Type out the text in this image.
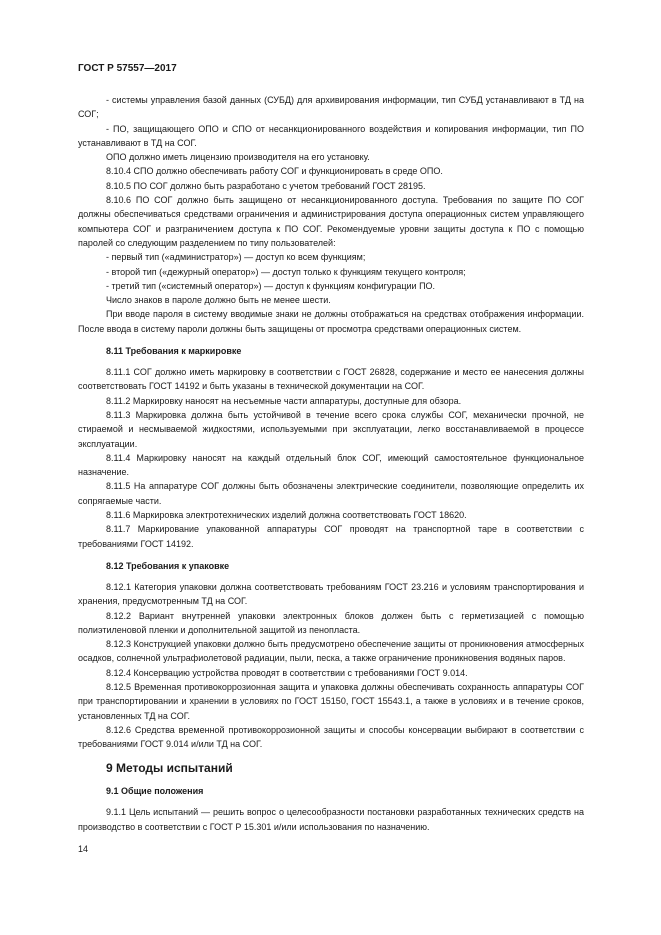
ГОСТ Р 57557—2017

- системы управления базой данных (СУБД) для архивирования информации, тип СУБД устанавливают в ТД на СОГ;

- ПО, защищающего ОПО и СПО от несанкционированного воздействия и копирования информации, тип ПО устанавливают в ТД на СОГ.

ОПО должно иметь лицензию производителя на его установку.

8.10.4 СПО должно обеспечивать работу СОГ и функционировать в среде ОПО.

8.10.5 ПО СОГ должно быть разработано с учетом требований ГОСТ 28195.

8.10.6 ПО СОГ должно быть защищено от несанкционированного доступа. Требования по защите ПО СОГ должны обеспечиваться средствами ограничения и администрирования доступа операционных систем управляющего компьютера СОГ и разграничением доступа к ПО СОГ. Рекомендуемые уровни защиты доступа к ПО с помощью паролей со следующим разделением по типу пользователей:

- первый тип («администратор») — доступ ко всем функциям;

- второй тип («дежурный оператор») — доступ только к функциям текущего контроля;

- третий тип («системный оператор») — доступ к функциям конфигурации ПО.

Число знаков в пароле должно быть не менее шести.

При вводе пароля в систему вводимые знаки не должны отображаться на средствах отображения информации. После ввода в систему пароли должны быть защищены от просмотра средствами операционных систем.

8.11 Требования к маркировке

8.11.1 СОГ должно иметь маркировку в соответствии с ГОСТ 26828, содержание и место ее нанесения должны соответствовать ГОСТ 14192 и быть указаны в технической документации на СОГ.

8.11.2 Маркировку наносят на несъемные части аппаратуры, доступные для обзора.

8.11.3 Маркировка должна быть устойчивой в течение всего срока службы СОГ, механически прочной, не стираемой и несмываемой жидкостями, используемыми при эксплуатации, легко восстанавливаемой в процессе эксплуатации.

8.11.4 Маркировку наносят на каждый отдельный блок СОГ, имеющий самостоятельное функциональное назначение.

8.11.5 На аппаратуре СОГ должны быть обозначены электрические соединители, позволяющие определить их сопрягаемые части.

8.11.6 Маркировка электротехнических изделий должна соответствовать ГОСТ 18620.

8.11.7 Маркирование упакованной аппаратуры СОГ проводят на транспортной таре в соответствии с требованиями ГОСТ 14192.

8.12 Требования к упаковке

8.12.1 Категория упаковки должна соответствовать требованиям ГОСТ 23.216 и условиям транспортирования и хранения, предусмотренным ТД на СОГ.

8.12.2 Вариант внутренней упаковки электронных блоков должен быть с герметизацией с помощью полиэтиленовой пленки и дополнительной защитой из пенопласта.

8.12.3 Конструкцией упаковки должно быть предусмотрено обеспечение защиты от проникновения атмосферных осадков, солнечной ультрафиолетовой радиации, пыли, песка, а также ограничение проникновения водяных паров.

8.12.4 Консервацию устройства проводят в соответствии с требованиями ГОСТ 9.014.

8.12.5 Временная противокоррозионная защита и упаковка должны обеспечивать сохранность аппаратуры СОГ при транспортировании и хранении в условиях по ГОСТ 15150, ГОСТ 15543.1, а также в условиях и в течение сроков, установленных ТД на СОГ.

8.12.6 Средства временной противокоррозионной защиты и способы консервации выбирают в соответствии с требованиями ГОСТ 9.014 и/или ТД на СОГ.

9 Методы испытаний
9.1 Общие положения

9.1.1 Цель испытаний — решить вопрос о целесообразности постановки разработанных технических средств на производство в соответствии с ГОСТ Р 15.301 и/или использования по назначению.

14
